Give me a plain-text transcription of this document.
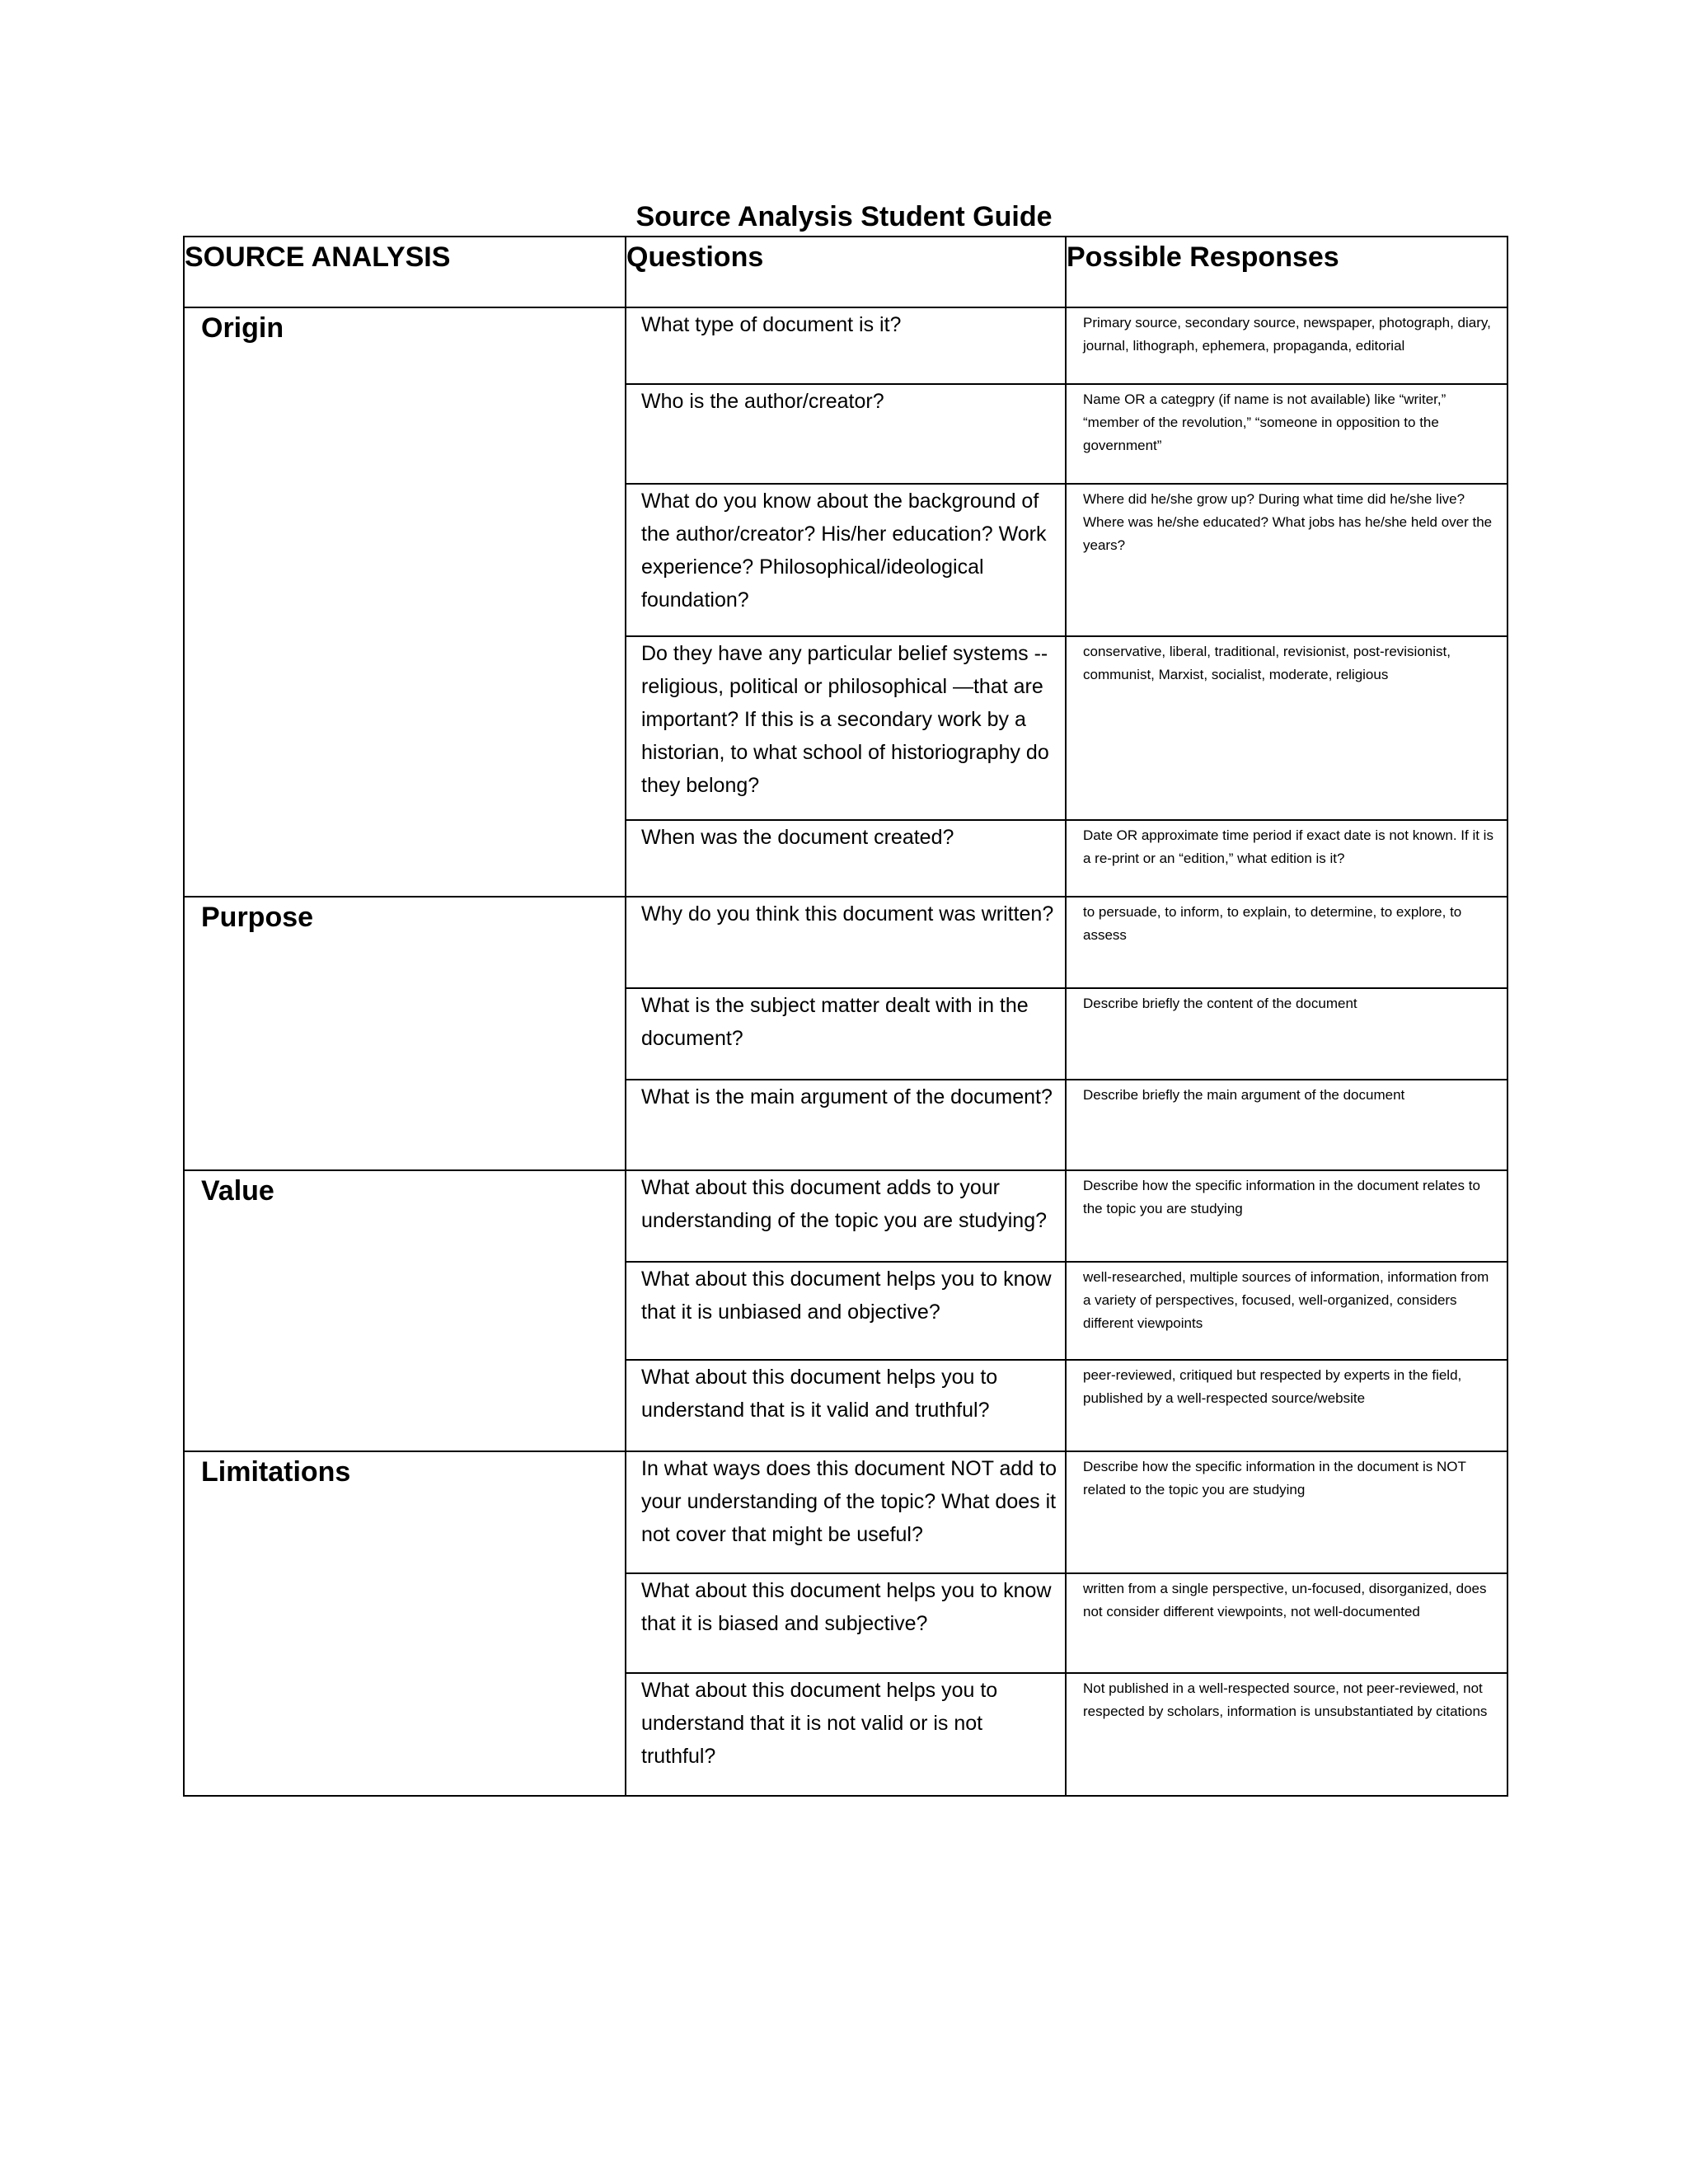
Source Analysis Student Guide
SOURCE ANALYSIS	Questions	Possible Responses

Origin	What type of document is it?	Primary source, secondary source, newspaper, photograph, diary, journal, lithograph, ephemera, propaganda, editorial

	Who is the author/creator?	Name OR a categpry (if name is not available) like “writer,” “member of the revolution,” “someone in opposition to the government”

	What do you know about the background of the author/creator? His/her education? Work experience? Philosophical/ideological foundation?	Where did he/she grow up? During what time did he/she live? Where was he/she educated? What jobs has he/she held over the years?

	Do they have any particular belief systems -- religious, political or philosophical —that are important? If this is a secondary work by a historian, to what school of historiography do they belong?	conservative, liberal, traditional, revisionist, post-revisionist, communist, Marxist, socialist, moderate, religious

	When was the document created?	Date OR approximate time period if exact date is not known. If it is a re-print or an “edition,” what edition is it?

Purpose	Why do you think this document was written?	to persuade, to inform, to explain, to determine, to explore, to assess

	What is the subject matter dealt with in the document?	Describe briefly the content of the document

	What is the main argument of the document?	Describe briefly the main argument of the document

Value	What about this document adds to your understanding of the topic you are studying?	Describe how the specific information in the document relates to the topic you are studying

	What about this document helps you to know that it is unbiased and objective?	well-researched, multiple sources of information, information from a variety of perspectives, focused, well-organized, considers different viewpoints

	What about this document helps you to understand that is it valid and truthful?	peer-reviewed, critiqued but respected by experts in the field, published by a well-respected source/website

Limitations	In what ways does this document NOT add to your understanding of the topic? What does it not cover that might be useful?	Describe how the specific information in the document is NOT related to the topic you are studying

	What about this document helps you to know that it is biased and subjective?	written from a single perspective, un-focused, disorganized, does not consider different viewpoints, not well-documented

	What about this document helps you to understand that it is not valid or is not truthful?	Not published in a well-respected source, not peer-reviewed, not respected by scholars, information is unsubstantiated by citations
